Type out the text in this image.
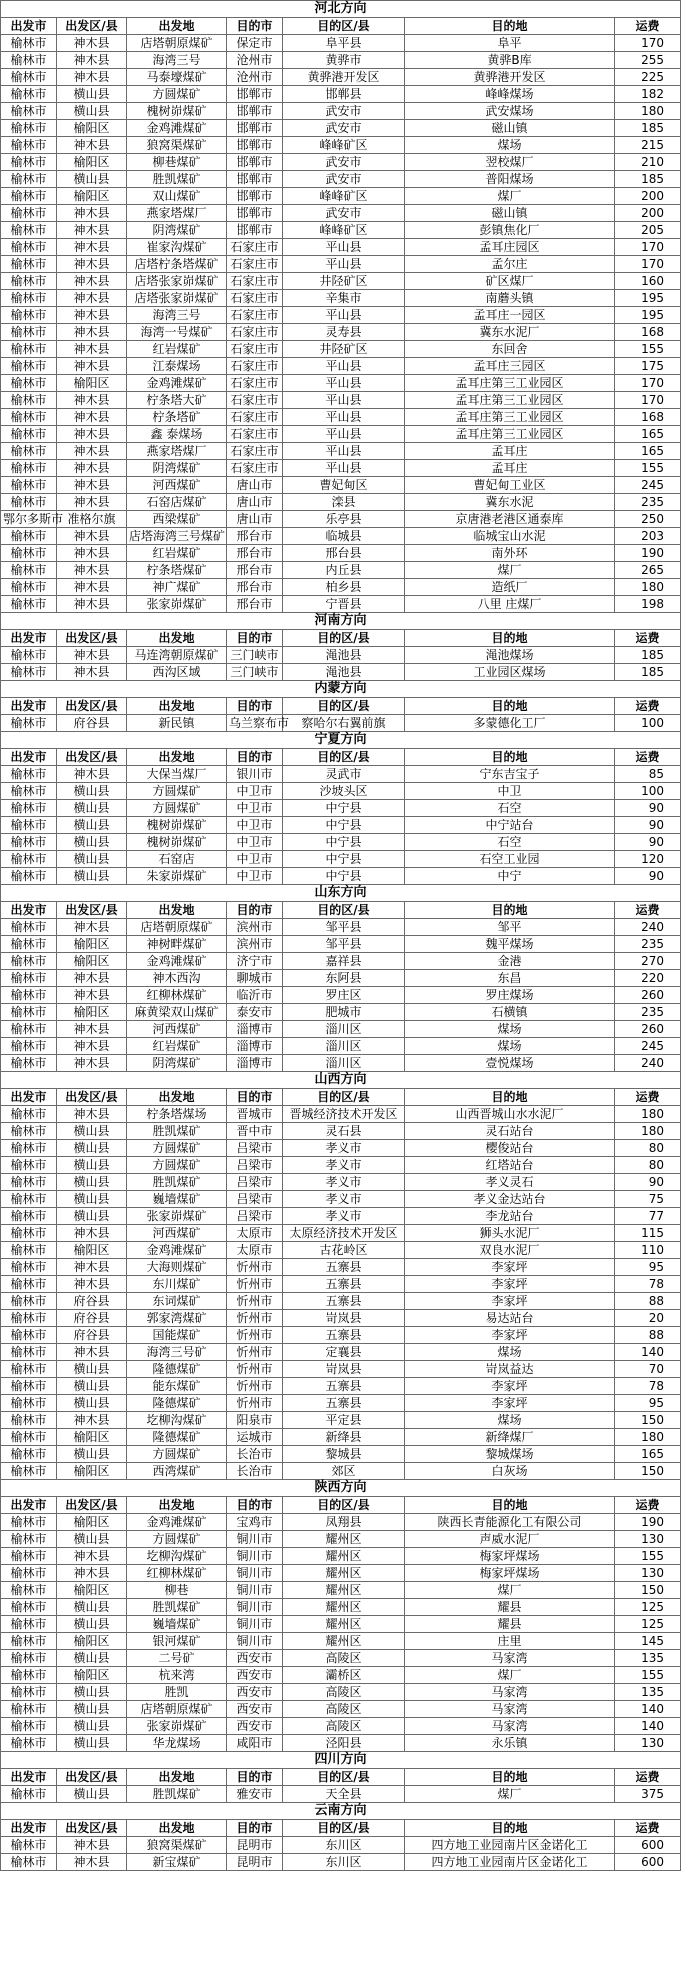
河北方向						
出发市	出发区/县	出发地	目的市	目的区/县	目的地	运费
榆林市	神木县	店塔朝原煤矿	保定市	阜平县	阜平	170
榆林市	神木县	海湾三号	沧州市	黄骅市	黄骅B库	255
榆林市	神木县	马泰壕煤矿	沧州市	黄骅港开发区	黄骅港开发区	225
榆林市	横山县	方圆煤矿	邯郸市	邯郸县	峰峰煤场	182
榆林市	横山县	槐树峁煤矿	邯郸市	武安市	武安煤场	180
榆林市	榆阳区	金鸡滩煤矿	邯郸市	武安市	磁山镇	185
榆林市	神木县	狼窝渠煤矿	邯郸市	峰峰矿区	煤场	215
榆林市	榆阳区	柳巷煤矿	邯郸市	武安市	翌校煤厂	210
榆林市	横山县	胜凯煤矿	邯郸市	武安市	普阳煤场	185
榆林市	榆阳区	双山煤矿	邯郸市	峰峰矿区	煤厂	200
榆林市	神木县	燕家塔煤厂	邯郸市	武安市	磁山镇	200
榆林市	神木县	阴湾煤矿	邯郸市	峰峰矿区	彭镇焦化厂	205
榆林市	神木县	崔家沟煤矿	石家庄市	平山县	孟耳庄园区	170
榆林市	神木县	店塔柠条塔煤矿	石家庄市	平山县	孟尔庄	170
榆林市	神木县	店塔张家峁煤矿	石家庄市	井陉矿区	矿区煤厂	160
榆林市	神木县	店塔张家峁煤矿	石家庄市	辛集市	南蘑头镇	195
榆林市	神木县	海湾三号	石家庄市	平山县	孟耳庄一园区	195
榆林市	神木县	海湾一号煤矿	石家庄市	灵寿县	冀东水泥厂	168
榆林市	神木县	红岩煤矿	石家庄市	井陉矿区	东回舍	155
榆林市	神木县	江泰煤场	石家庄市	平山县	孟耳庄三园区	175
榆林市	榆阳区	金鸡滩煤矿	石家庄市	平山县	孟耳庄第三工业园区	170
榆林市	神木县	柠条塔大矿	石家庄市	平山县	孟耳庄第三工业园区	170
榆林市	神木县	柠条塔矿	石家庄市	平山县	孟耳庄第三工业园区	168
榆林市	神木县	鑫 泰煤场	石家庄市	平山县	孟耳庄第三工业园区	165
榆林市	神木县	燕家塔煤厂	石家庄市	平山县	孟耳庄	165
榆林市	神木县	阴湾煤矿	石家庄市	平山县	孟耳庄	155
榆林市	神木县	河西煤矿	唐山市	曹妃甸区	曹妃甸工业区	245
榆林市	神木县	石窑店煤矿	唐山市	滦县	冀东水泥	235
鄂尔多斯市	准格尔旗	西梁煤矿	唐山市	乐亭县	京唐港老港区通泰库	250
榆林市	神木县	店塔海湾三号煤矿	邢台市	临城县	临城宝山水泥	203
榆林市	神木县	红岩煤矿	邢台市	邢台县	南外环	190
榆林市	神木县	柠条塔煤矿	邢台市	内丘县	煤厂	265
榆林市	神木县	神广煤矿	邢台市	柏乡县	造纸厂	180
榆林市	神木县	张家峁煤矿	邢台市	宁晋县	八里 庄煤厂	198
河南方向						
出发市	出发区/县	出发地	目的市	目的区/县	目的地	运费
榆林市	神木县	马连湾朝原煤矿	三门峡市	渑池县	渑池煤场	185
榆林市	神木县	西沟区域	三门峡市	渑池县	工业园区煤场	185
内蒙方向						
出发市	出发区/县	出发地	目的市	目的区/县	目的地	运费
榆林市	府谷县	新民镇	乌兰察布市	察哈尔右翼前旗	多蒙德化工厂	100
宁夏方向						
出发市	出发区/县	出发地	目的市	目的区/县	目的地	运费
榆林市	神木县	大保当煤厂	银川市	灵武市	宁东吉宝子	85
榆林市	横山县	方圆煤矿	中卫市	沙坡头区	中卫	100
榆林市	横山县	方圆煤矿	中卫市	中宁县	石空	90
榆林市	横山县	槐树峁煤矿	中卫市	中宁县	中宁站台	90
榆林市	横山县	槐树峁煤矿	中卫市	中宁县	石空	90
榆林市	横山县	石窑店	中卫市	中宁县	石空工业园	120
榆林市	横山县	朱家峁煤矿	中卫市	中宁县	中宁	90
山东方向						
出发市	出发区/县	出发地	目的市	目的区/县	目的地	运费
榆林市	神木县	店塔朝原煤矿	滨州市	邹平县	邹平	240
榆林市	榆阳区	神树畔煤矿	滨州市	邹平县	魏平煤场	235
榆林市	榆阳区	金鸡滩煤矿	济宁市	嘉祥县	金港	270
榆林市	神木县	神木西沟	聊城市	东阿县	东昌	220
榆林市	神木县	红柳林煤矿	临沂市	罗庄区	罗庄煤场	260
榆林市	榆阳区	麻黄梁双山煤矿	泰安市	肥城市	石横镇	235
榆林市	神木县	河西煤矿	淄博市	淄川区	煤场	260
榆林市	神木县	红岩煤矿	淄博市	淄川区	煤场	245
榆林市	神木县	阴湾煤矿	淄博市	淄川区	壹悦煤场	240
山西方向						
出发市	出发区/县	出发地	目的市	目的区/县	目的地	运费
榆林市	神木县	柠条塔煤场	晋城市	晋城经济技术开发区	山西晋城山水水泥厂	180
榆林市	横山县	胜凯煤矿	晋中市	灵石县	灵石站台	180
榆林市	横山县	方圆煤矿	吕梁市	孝义市	樱俊站台	80
榆林市	横山县	方圆煤矿	吕梁市	孝义市	红塔站台	80
榆林市	横山县	胜凯煤矿	吕梁市	孝义市	孝义灵石	90
榆林市	横山县	巍墙煤矿	吕梁市	孝义市	孝义金达站台	75
榆林市	横山县	张家峁煤矿	吕梁市	孝义市	李龙站台	77
榆林市	神木县	河西煤矿	太原市	太原经济技术开发区	狮头水泥厂	115
榆林市	榆阳区	金鸡滩煤矿	太原市	古花岭区	双良水泥厂	110
榆林市	神木县	大海则煤矿	忻州市	五寨县	李家坪	95
榆林市	神木县	东川煤矿	忻州市	五寨县	李家坪	78
榆林市	府谷县	东词煤矿	忻州市	五寨县	李家坪	88
榆林市	府谷县	郭家湾煤矿	忻州市	岢岚县	易达站台	20
榆林市	府谷县	国能煤矿	忻州市	五寨县	李家坪	88
榆林市	神木县	海湾三号矿	忻州市	定襄县	煤场	140
榆林市	横山县	隆德煤矿	忻州市	岢岚县	岢岚益达	70
榆林市	横山县	能东煤矿	忻州市	五寨县	李家坪	78
榆林市	横山县	隆德煤矿	忻州市	五寨县	李家坪	95
榆林市	神木县	圪柳沟煤矿	阳泉市	平定县	煤场	150
榆林市	榆阳区	隆德煤矿	运城市	新绛县	新绛煤厂	180
榆林市	横山县	方圆煤矿	长治市	黎城县	黎城煤场	165
榆林市	榆阳区	西湾煤矿	长治市	郊区	白灰场	150
陕西方向						
出发市	出发区/县	出发地	目的市	目的区/县	目的地	运费
榆林市	榆阳区	金鸡滩煤矿	宝鸡市	凤翔县	陕西长青能源化工有限公司	190
榆林市	横山县	方圆煤矿	铜川市	耀州区	声威水泥厂	130
榆林市	神木县	圪柳沟煤矿	铜川市	耀州区	梅家坪煤场	155
榆林市	神木县	红柳林煤矿	铜川市	耀州区	梅家坪煤场	130
榆林市	榆阳区	柳巷	铜川市	耀州区	煤厂	150
榆林市	横山县	胜凯煤矿	铜川市	耀州区	耀县	125
榆林市	横山县	巍墙煤矿	铜川市	耀州区	耀县	125
榆林市	榆阳区	银河煤矿	铜川市	耀州区	庄里	145
榆林市	横山县	二号矿	西安市	高陵区	马家湾	135
榆林市	榆阳区	杭来湾	西安市	灞桥区	煤厂	155
榆林市	横山县	胜凯	西安市	高陵区	马家湾	135
榆林市	横山县	店塔朝原煤矿	西安市	高陵区	马家湾	140
榆林市	横山县	张家峁煤矿	西安市	高陵区	马家湾	140
榆林市	横山县	华龙煤场	咸阳市	泾阳县	永乐镇	130
四川方向						
出发市	出发区/县	出发地	目的市	目的区/县	目的地	运费
榆林市	横山县	胜凯煤矿	雅安市	天全县	煤厂	375
云南方向						
出发市	出发区/县	出发地	目的市	目的区/县	目的地	运费
榆林市	神木县	狼窝渠煤矿	昆明市	东川区	四方地工业园南片区金诺化工	600
榆林市	神木县	新宝煤矿	昆明市	东川区	四方地工业园南片区金诺化工	600
